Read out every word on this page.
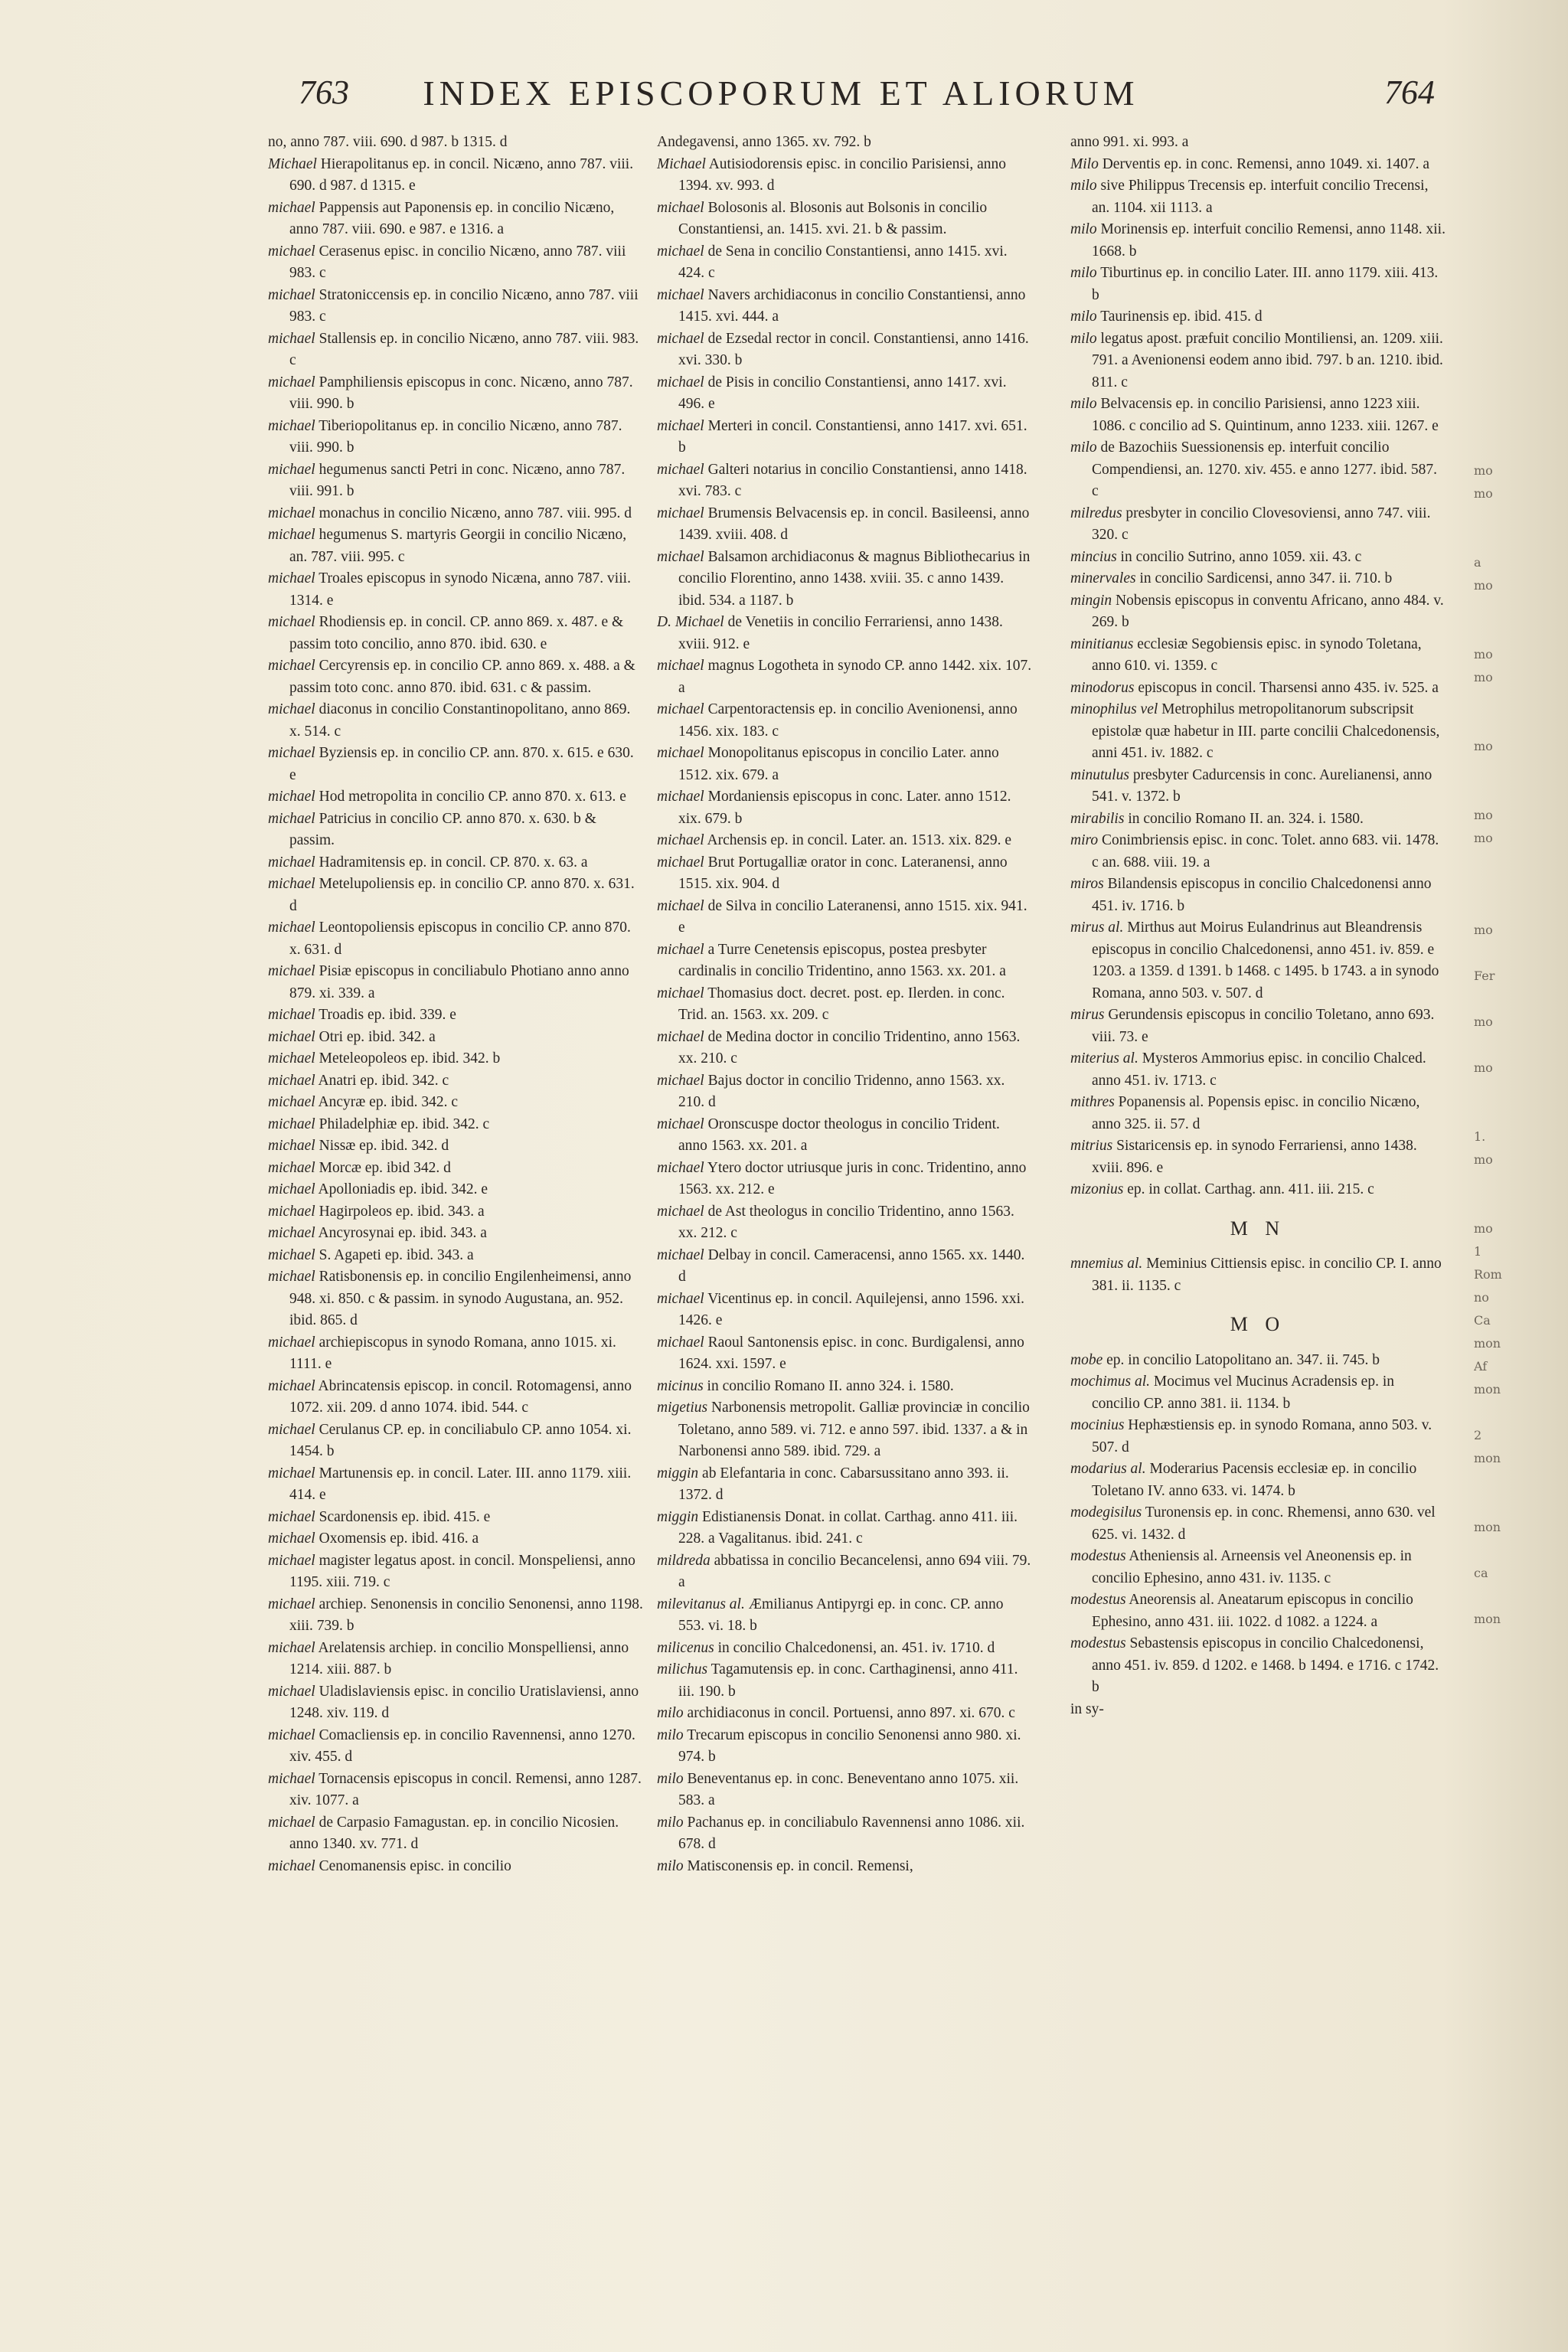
763	INDEX EPISCOPORUM ET ALIORUM	764

no, anno 787. viii. 690. d 987. b 1315. d

Michael Hierapolitanus ep. in concil. Nicæno, anno 787. viii. 690. d 987. d 1315. e

michael Pappensis aut Paponensis ep. in concilio Nicæno, anno 787. viii. 690. e 987. e 1316. a

michael Cerasenus episc. in concilio Nicæno, anno 787. viii 983. c

michael Stratoniccensis ep. in concilio Nicæno, anno 787. viii 983. c

michael Stallensis ep. in concilio Nicæno, anno 787. viii. 983. c

michael Pamphiliensis episcopus in conc. Nicæno, anno 787. viii. 990. b

michael Tiberiopolitanus ep. in concilio Nicæno, anno 787. viii. 990. b

michael hegumenus sancti Petri in conc. Nicæno, anno 787. viii. 991. b

michael monachus in concilio Nicæno, anno 787. viii. 995. d

michael hegumenus S. martyris Georgii in concilio Nicæno, an. 787. viii. 995. c

michael Troales episcopus in synodo Nicæna, anno 787. viii. 1314. e

michael Rhodiensis ep. in concil. CP. anno 869. x. 487. e & passim toto concilio, anno 870. ibid. 630. e

michael Cercyrensis ep. in concilio CP. anno 869. x. 488. a & passim toto conc. anno 870. ibid. 631. c & passim.

michael diaconus in concilio Constantinopolitano, anno 869. x. 514. c

michael Byziensis ep. in concilio CP. ann. 870. x. 615. e 630. e

michael Hod metropolita in concilio CP. anno 870. x. 613. e

michael Patricius in concilio CP. anno 870. x. 630. b & passim.

michael Hadramitensis ep. in concil. CP. 870. x. 63. a

michael Metelupoliensis ep. in concilio CP. anno 870. x. 631. d

michael Leontopoliensis episcopus in concilio CP. anno 870. x. 631. d

michael Pisiæ episcopus in conciliabulo Photiano anno anno 879. xi. 339. a

michael Troadis ep. ibid. 339. e

michael Otri ep. ibid. 342. a

michael Meteleopoleos ep. ibid. 342. b

michael Anatri ep. ibid. 342. c

michael Ancyræ ep. ibid. 342. c

michael Philadelphiæ ep. ibid. 342. c

michael Nissæ ep. ibid. 342. d

michael Morcæ ep. ibid 342. d

michael Apolloniadis ep. ibid. 342. e

michael Hagirpoleos ep. ibid. 343. a

michael Ancyrosynai ep. ibid. 343. a

michael S. Agapeti ep. ibid. 343. a

michael Ratisbonensis ep. in concilio Engilenheimensi, anno 948. xi. 850. c & passim. in synodo Augustana, an. 952. ibid. 865. d

michael archiepiscopus in synodo Romana, anno 1015. xi. 1111. e

michael Abrincatensis episcop. in concil. Rotomagensi, anno 1072. xii. 209. d anno 1074. ibid. 544. c

michael Cerulanus CP. ep. in conciliabulo CP. anno 1054. xi. 1454. b

michael Martunensis ep. in concil. Later. III. anno 1179. xiii. 414. e

michael Scardonensis ep. ibid. 415. e

michael Oxomensis ep. ibid. 416. a

michael magister legatus apost. in concil. Monspeliensi, anno 1195. xiii. 719. c

michael archiep. Senonensis in concilio Senonensi, anno 1198. xiii. 739. b

michael Arelatensis archiep. in concilio Monspelliensi, anno 1214. xiii. 887. b

michael Uladislaviensis episc. in concilio Uratislaviensi, anno 1248. xiv. 119. d

michael Comacliensis ep. in concilio Ravennensi, anno 1270. xiv. 455. d

michael Tornacensis episcopus in concil. Remensi, anno 1287. xiv. 1077. a

michael de Carpasio Famagustan. ep. in concilio Nicosien. anno 1340. xv. 771. d

michael Cenomanensis episc. in concilio

Andegavensi, anno 1365. xv. 792. b

Michael Autisiodorensis episc. in concilio Parisiensi, anno 1394. xv. 993. d

michael Bolosonis al. Blosonis aut Bolsonis in concilio Constantiensi, an. 1415. xvi. 21. b & passim.

michael de Sena in concilio Constantiensi, anno 1415. xvi. 424. c

michael Navers archidiaconus in concilio Constantiensi, anno 1415. xvi. 444. a

michael de Ezsedal rector in concil. Constantiensi, anno 1416. xvi. 330. b

michael de Pisis in concilio Constantiensi, anno 1417. xvi. 496. e

michael Merteri in concil. Constantiensi, anno 1417. xvi. 651. b

michael Galteri notarius in concilio Constantiensi, anno 1418. xvi. 783. c

michael Brumensis Belvacensis ep. in concil. Basileensi, anno 1439. xviii. 408. d

michael Balsamon archidiaconus & magnus Bibliothecarius in concilio Florentino, anno 1438. xviii. 35. c anno 1439. ibid. 534. a 1187. b

D. Michael de Venetiis in concilio Ferrariensi, anno 1438. xviii. 912. e

michael magnus Logotheta in synodo CP. anno 1442. xix. 107. a

michael Carpentoractensis ep. in concilio Avenionensi, anno 1456. xix. 183. c

michael Monopolitanus episcopus in concilio Later. anno 1512. xix. 679. a

michael Mordaniensis episcopus in conc. Later. anno 1512. xix. 679. b

michael Archensis ep. in concil. Later. an. 1513. xix. 829. e

michael Brut Portugalliæ orator in conc. Lateranensi, anno 1515. xix. 904. d

michael de Silva in concilio Lateranensi, anno 1515. xix. 941. e

michael a Turre Cenetensis episcopus, postea presbyter cardinalis in concilio Tridentino, anno 1563. xx. 201. a

michael Thomasius doct. decret. post. ep. Ilerden. in conc. Trid. an. 1563. xx. 209. c

michael de Medina doctor in concilio Tridentino, anno 1563. xx. 210. c

michael Bajus doctor in concilio Tridenno, anno 1563. xx. 210. d

michael Oronscuspe doctor theologus in concilio Trident. anno 1563. xx. 201. a

michael Ytero doctor utriusque juris in conc. Tridentino, anno 1563. xx. 212. e

michael de Ast theologus in concilio Tridentino, anno 1563. xx. 212. c

michael Delbay in concil. Cameracensi, anno 1565. xx. 1440. d

michael Vicentinus ep. in concil. Aquilejensi, anno 1596. xxi. 1426. e

michael Raoul Santonensis episc. in conc. Burdigalensi, anno 1624. xxi. 1597. e

micinus in concilio Romano II. anno 324. i. 1580.

migetius Narbonensis metropolit. Galliæ provinciæ in concilio Toletano, anno 589. vi. 712. e anno 597. ibid. 1337. a & in Narbonensi anno 589. ibid. 729. a

miggin ab Elefantaria in conc. Cabarsussitano anno 393. ii. 1372. d

miggin Edistianensis Donat. in collat. Carthag. anno 411. iii. 228. a Vagalitanus. ibid. 241. c

mildreda abbatissa in concilio Becancelensi, anno 694 viii. 79. a

milevitanus al. Æmilianus Antipyrgi ep. in conc. CP. anno 553. vi. 18. b

milicenus in concilio Chalcedonensi, an. 451. iv. 1710. d

milichus Tagamutensis ep. in conc. Carthaginensi, anno 411. iii. 190. b

milo archidiaconus in concil. Portuensi, anno 897. xi. 670. c

milo Trecarum episcopus in concilio Senonensi anno 980. xi. 974. b

milo Beneventanus ep. in conc. Beneventano anno 1075. xii. 583. a

milo Pachanus ep. in conciliabulo Ravennensi anno 1086. xii. 678. d

milo Matisconensis ep. in concil. Remensi,

anno 991. xi. 993. a

Milo Derventis ep. in conc. Remensi, anno 1049. xi. 1407. a

milo sive Philippus Trecensis ep. interfuit concilio Trecensi, an. 1104. xii 1113. a

milo Morinensis ep. interfuit concilio Remensi, anno 1148. xii. 1668. b

milo Tiburtinus ep. in concilio Later. III. anno 1179. xiii. 413. b

milo Taurinensis ep. ibid. 415. d

milo legatus apost. præfuit concilio Montiliensi, an. 1209. xiii. 791. a Avenionensi eodem anno ibid. 797. b an. 1210. ibid. 811. c

milo Belvacensis ep. in concilio Parisiensi, anno 1223 xiii. 1086. c concilio ad S. Quintinum, anno 1233. xiii. 1267. e

milo de Bazochiis Suessionensis ep. interfuit concilio Compendiensi, an. 1270. xiv. 455. e anno 1277. ibid. 587. c

milredus presbyter in concilio Clovesoviensi, anno 747. viii. 320. c

mincius in concilio Sutrino, anno 1059. xii. 43. c

minervales in concilio Sardicensi, anno 347. ii. 710. b

mingin Nobensis episcopus in conventu Africano, anno 484. v. 269. b

minitianus ecclesiæ Segobiensis episc. in synodo Toletana, anno 610. vi. 1359. c

minodorus episcopus in concil. Tharsensi anno 435. iv. 525. a

minophilus vel Metrophilus metropolitanorum subscripsit epistolæ quæ habetur in III. parte concilii Chalcedonensis, anni 451. iv. 1882. c

minutulus presbyter Cadurcensis in conc. Aurelianensi, anno 541. v. 1372. b

mirabilis in concilio Romano II. an. 324. i. 1580.

miro Conimbriensis episc. in conc. Tolet. anno 683. vii. 1478. c an. 688. viii. 19. a

miros Bilandensis episcopus in concilio Chalcedonensi anno 451. iv. 1716. b

mirus al. Mirthus aut Moirus Eulandrinus aut Bleandrensis episcopus in concilio Chalcedonensi, anno 451. iv. 859. e 1203. a 1359. d 1391. b 1468. c 1495. b 1743. a in synodo Romana, anno 503. v. 507. d

mirus Gerundensis episcopus in concilio Toletano, anno 693. viii. 73. e

miterius al. Mysteros Ammorius episc. in concilio Chalced. anno 451. iv. 1713. c

mithres Popanensis al. Popensis episc. in concilio Nicæno, anno 325. ii. 57. d

mitrius Sistaricensis ep. in synodo Ferrariensi, anno 1438. xviii. 896. e

mizonius ep. in collat. Carthag. ann. 411. iii. 215. c

M N

mnemius al. Meminius Cittiensis episc. in concilio CP. I. anno 381. ii. 1135. c

M O

mobe ep. in concilio Latopolitano an. 347. ii. 745. b

mochimus al. Mocimus vel Mucinus Acradensis ep. in concilio CP. anno 381. ii. 1134. b

mocinius Hephæstiensis ep. in synodo Romana, anno 503. v. 507. d

modarius al. Moderarius Pacensis ecclesiæ ep. in concilio Toletano IV. anno 633. vi. 1474. b

modegisilus Turonensis ep. in conc. Rhemensi, anno 630. vel 625. vi. 1432. d

modestus Atheniensis al. Arneensis vel Aneonensis ep. in concilio Ephesino, anno 431. iv. 1135. c

modestus Aneorensis al. Aneatarum episcopus in concilio Ephesino, anno 431. iii. 1022. d 1082. a 1224. a

modestus Sebastensis episcopus in concilio Chalcedonensi, anno 451. iv. 859. d 1202. e 1468. b 1494. e 1716. c 1742. b

in sy-

mo
mo

a
mo

mo
mo

mo

mo
mo

mo

Fer

mo

mo

1.
mo

mo
1
Rom
no
Ca
mon
Af
mon

2
mon

mon

ca

mon
